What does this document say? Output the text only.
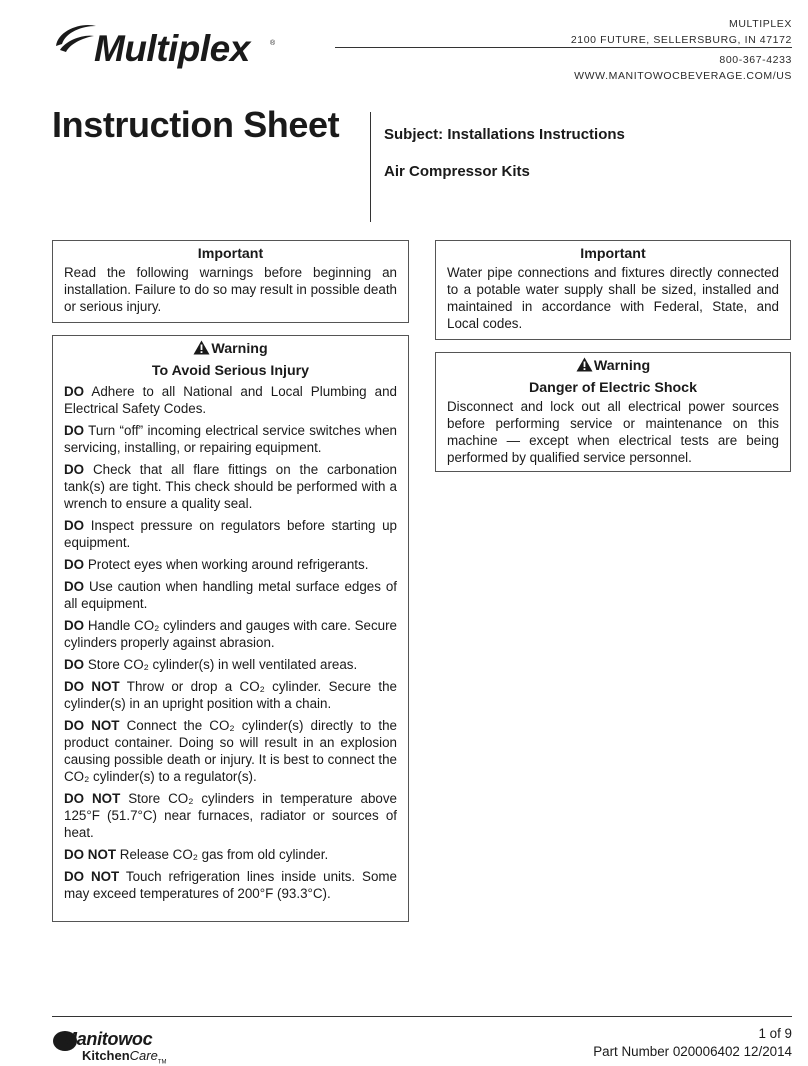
Multiplex	®
MULTIPLEX
2100 FUTURE, SELLERSBURG, IN 47172
800-367-4233
WWW.MANITOWOCBEVERAGE.COM/US
Instruction Sheet	Subject: Installations Instructions
Air Compressor Kits
Important
Read the following warnings before beginning an installation. Failure to do so may result in possible death or serious injury.
Important
Water pipe connections and fixtures directly connected to a potable water supply shall be sized, installed and maintained in accordance with Federal, State, and Local codes.
Warning
To Avoid Serious Injury
DO Adhere to all National and Local Plumbing and Electrical Safety Codes.
DO Turn “off” incoming electrical service switches when servicing, installing, or repairing equipment.
DO Check that all flare fittings on the carbonation tank(s) are tight. This check should be performed with a wrench to ensure a quality seal.
DO Inspect pressure on regulators before starting up equipment.
DO Protect eyes when working around refrigerants.
DO Use caution when handling metal surface edges of all equipment.
DO Handle CO₂ cylinders and gauges with care. Secure cylinders properly against abrasion.
DO Store CO₂ cylinder(s) in well ventilated areas.
DO NOT Throw or drop a CO₂ cylinder. Secure the cylinder(s) in an upright position with a chain.
DO NOT Connect the CO₂ cylinder(s) directly to the product container. Doing so will result in an explosion causing possible death or injury. It is best to connect the CO₂ cylinder(s) to a regulator(s).
DO NOT Store CO₂ cylinders in temperature above 125°F (51.7°C) near furnaces, radiator or sources of heat.
DO NOT Release CO₂ gas from old cylinder.
DO NOT Touch refrigeration lines inside units. Some may exceed temperatures of 200°F (93.3°C).
Warning
Danger of Electric Shock
Disconnect and lock out all electrical power sources before performing service or maintenance on this machine — except when electrical tests are being performed by qualified service personnel.
Manitowoc
KitchenCare$_{TM}$
1 of 9
Part Number 020006402 12/2014
